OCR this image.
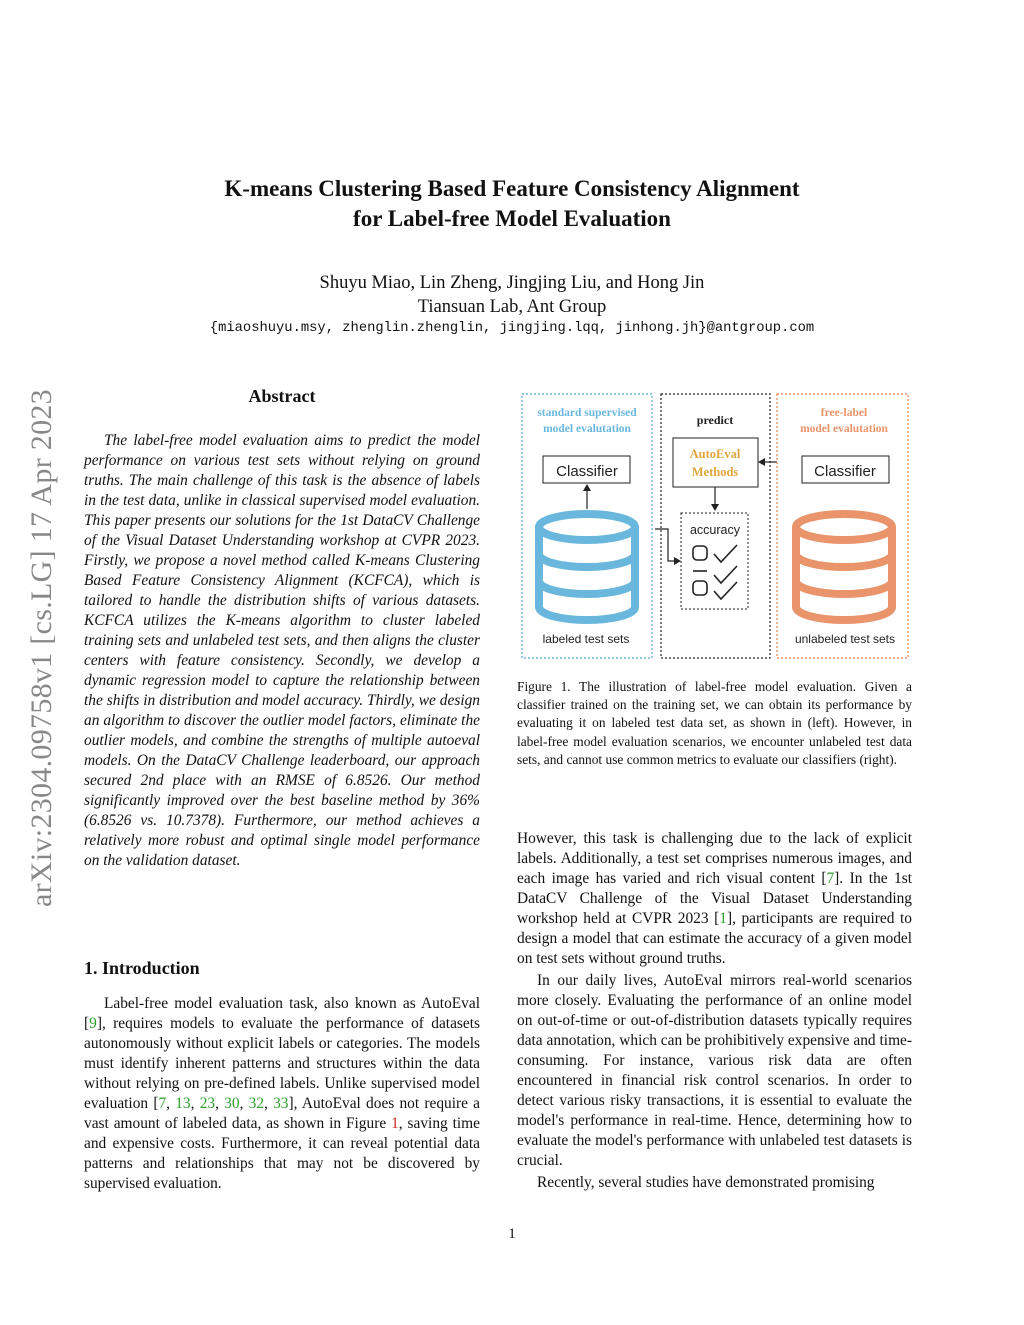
K-means Clustering Based Feature Consistency Alignment
for Label-free Model Evaluation
Shuyu Miao, Lin Zheng, Jingjing Liu, and Hong Jin
Tiansuan Lab, Ant Group
{miaoshuyu.msy, zhenglin.zhenglin, jingjing.lqq, jinhong.jh}@antgroup.com
arXiv:2304.09758v1 [cs.LG] 17 Apr 2023	Abstract
The label-free model evaluation aims to predict the model performance on various test sets without relying on ground truths. The main challenge of this task is the absence of labels in the test data, unlike in classical supervised model evaluation. This paper presents our solutions for the 1st DataCV Challenge of the Visual Dataset Understanding workshop at CVPR 2023. Firstly, we propose a novel method called K-means Clustering Based Feature Consistency Alignment (KCFCA), which is tailored to handle the distribution shifts of various datasets. KCFCA utilizes the K-means algorithm to cluster labeled training sets and unlabeled test sets, and then aligns the cluster centers with feature consistency. Secondly, we develop a dynamic regression model to capture the relationship between the shifts in distribution and model accuracy. Thirdly, we design an algorithm to discover the outlier model factors, eliminate the outlier models, and combine the strengths of multiple autoeval models. On the DataCV Challenge leaderboard, our approach secured 2nd place with an RMSE of 6.8526. Our method significantly improved over the best baseline method by 36% (6.8526 vs. 10.7378). Furthermore, our method achieves a relatively more robust and optimal single model performance on the validation dataset.
1. Introduction

Label-free model evaluation task, also known as AutoEval [9], requires models to evaluate the performance of datasets autonomously without explicit labels or categories. The models must identify inherent patterns and structures within the data without relying on pre-defined labels. Unlike supervised model evaluation [7, 13, 23, 30, 32, 33], AutoEval does not require a vast amount of labeled data, as shown in Figure 1, saving time and expensive costs. Furthermore, it can reveal potential data patterns and relationships that may not be discovered by supervised evaluation.

standard supervised
model evalutation
Classifier
labeled test sets
predict
AutoEval
Methods
accuracy
free-label
model evalutation
Classifier
unlabeled test sets
Figure 1. The illustration of label-free model evaluation. Given a classifier trained on the training set, we can obtain its performance by evaluating it on labeled test data set, as shown in (left). However, in label-free model evaluation scenarios, we encounter unlabeled test data sets, and cannot use common metrics to evaluate our classifiers (right).

However, this task is challenging due to the lack of explicit labels. Additionally, a test set comprises numerous images, and each image has varied and rich visual content [7]. In the 1st DataCV Challenge of the Visual Dataset Understanding workshop held at CVPR 2023 [1], participants are required to design a model that can estimate the accuracy of a given model on test sets without ground truths.

In our daily lives, AutoEval mirrors real-world scenarios more closely. Evaluating the performance of an online model on out-of-time or out-of-distribution datasets typically requires data annotation, which can be prohibitively expensive and time-consuming. For instance, various risk data are often encountered in financial risk control scenarios. In order to detect various risky transactions, it is essential to evaluate the model's performance in real-time. Hence, determining how to evaluate the model's performance with unlabeled test datasets is crucial.

Recently, several studies have demonstrated promising

1
